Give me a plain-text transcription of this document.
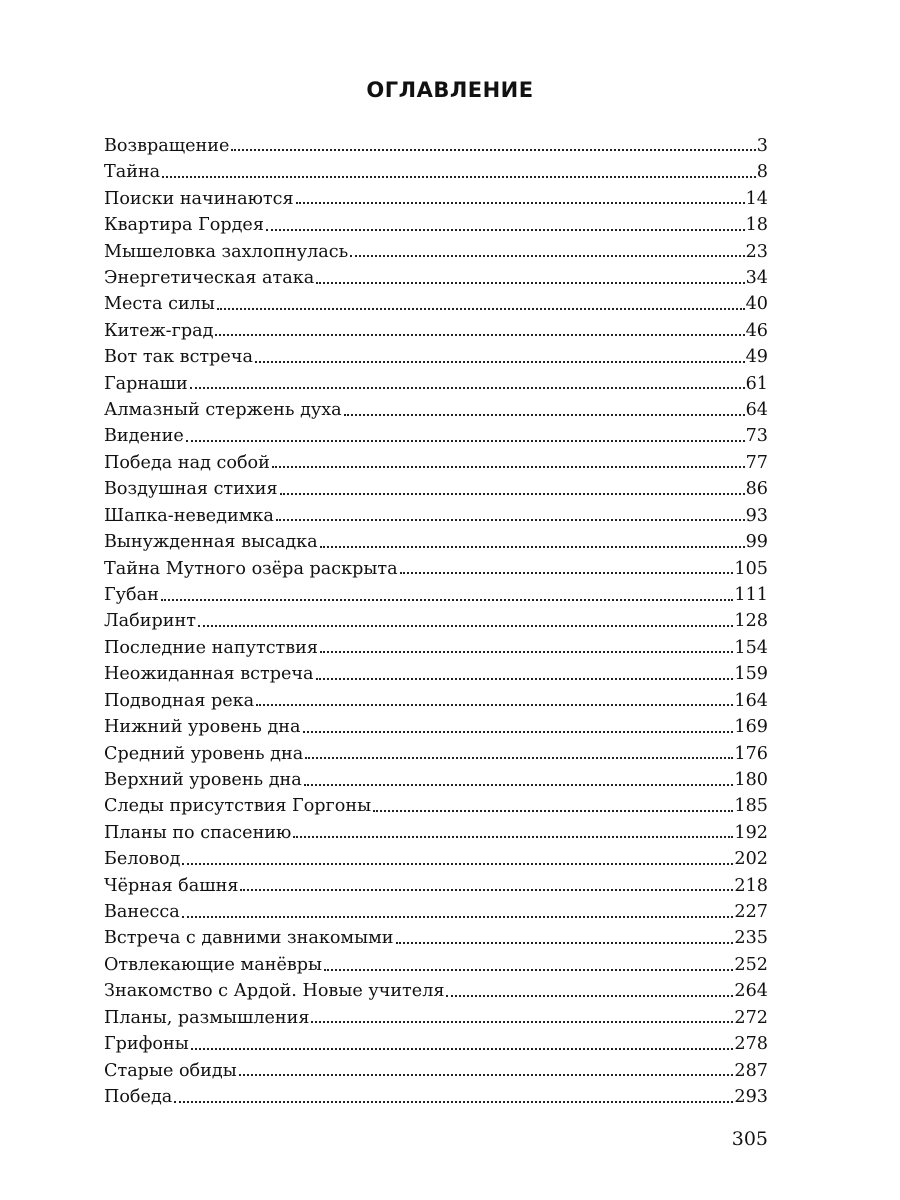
ОГЛАВЛЕНИЕ
Возвращение	3
Тайна	8
Поиски начинаются	14
Квартира Гордея	18
Мышеловка захлопнулась	23
Энергетическая атака	34
Места силы	40
Китеж-град	46
Вот так встреча	49
Гарнаши	61
Алмазный стержень духа	64
Видение	73
Победа над собой	77
Воздушная стихия	86
Шапка-неведимка	93
Вынужденная высадка	99
Тайна Мутного озёра раскрыта	105
Губан	111
Лабиринт	128
Последние напутствия	154
Неожиданная встреча	159
Подводная река	164
Нижний уровень дна	169
Средний уровень дна	176
Верхний уровень дна	180
Следы присутствия Горгоны	185
Планы по спасению	192
Беловод	202
Чёрная башня	218
Ванесса	227
Встреча с давними знакомыми	235
Отвлекающие манёвры	252
Знакомство с Ардой. Новые учителя	264
Планы, размышления	272
Грифоны	278
Старые обиды	287
Победа	293
305
